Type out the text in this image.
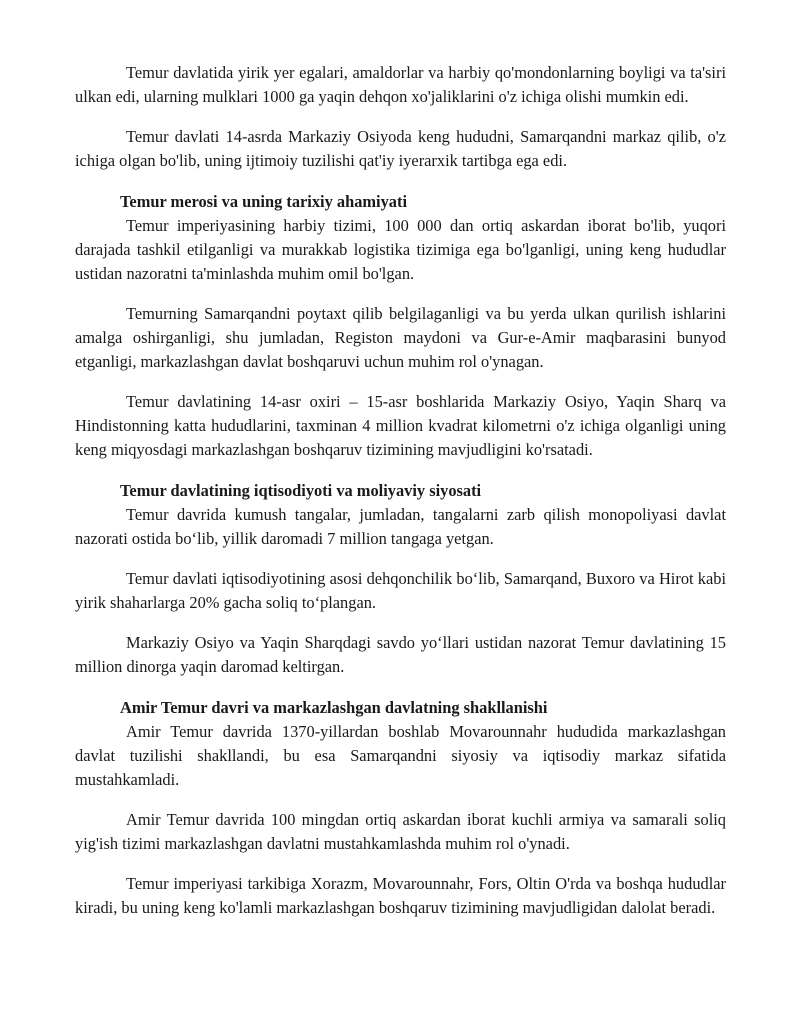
Temur davlatida yirik yer egalari, amaldorlar va harbiy qo'mondonlarning boyligi va ta'siri ulkan edi, ularning mulklari 1000 ga yaqin dehqon xo'jaliklarini o'z ichiga olishi mumkin edi.

Temur davlati 14-asrda Markaziy Osiyoda keng hududni, Samarqandni markaz qilib, o'z ichiga olgan bo'lib, uning ijtimoiy tuzilishi qat'iy iyerarxik tartibga ega edi.

Temur merosi va uning tarixiy ahamiyati

Temur imperiyasining harbiy tizimi, 100 000 dan ortiq askardan iborat bo'lib, yuqori darajada tashkil etilganligi va murakkab logistika tizimiga ega bo'lganligi, uning keng hududlar ustidan nazoratni ta'minlashda muhim omil bo'lgan.

Temurning Samarqandni poytaxt qilib belgilaganligi va bu yerda ulkan qurilish ishlarini amalga oshirganligi, shu jumladan, Registon maydoni va Gur-e-Amir maqbarasini bunyod etganligi, markazlashgan davlat boshqaruvi uchun muhim rol o'ynagan.

Temur davlatining 14-asr oxiri – 15-asr boshlarida Markaziy Osiyo, Yaqin Sharq va Hindistonning katta hududlarini, taxminan 4 million kvadrat kilometrni o'z ichiga olganligi uning keng miqyosdagi markazlashgan boshqaruv tizimining mavjudligini ko'rsatadi.

Temur davlatining iqtisodiyoti va moliyaviy siyosati

Temur davrida kumush tangalar, jumladan, tangalarni zarb qilish monopoliyasi davlat nazorati ostida bo‘lib, yillik daromadi 7 million tangaga yetgan.

Temur davlati iqtisodiyotining asosi dehqonchilik bo‘lib, Samarqand, Buxoro va Hirot kabi yirik shaharlarga 20% gacha soliq to‘plangan.

Markaziy Osiyo va Yaqin Sharqdagi savdo yo‘llari ustidan nazorat Temur davlatining 15 million dinorga yaqin daromad keltirgan.

Amir Temur davri va markazlashgan davlatning shakllanishi

Amir Temur davrida 1370-yillardan boshlab Movarounnahr hududida markazlashgan davlat tuzilishi shakllandi, bu esa Samarqandni siyosiy va iqtisodiy markaz sifatida mustahkamladi.

Amir Temur davrida 100 mingdan ortiq askardan iborat kuchli armiya va samarali soliq yig'ish tizimi markazlashgan davlatni mustahkamlashda muhim rol o'ynadi.

Temur imperiyasi tarkibiga Xorazm, Movarounnahr, Fors, Oltin O'rda va boshqa hududlar kiradi, bu uning keng ko'lamli markazlashgan boshqaruv tizimining mavjudligidan dalolat beradi.
